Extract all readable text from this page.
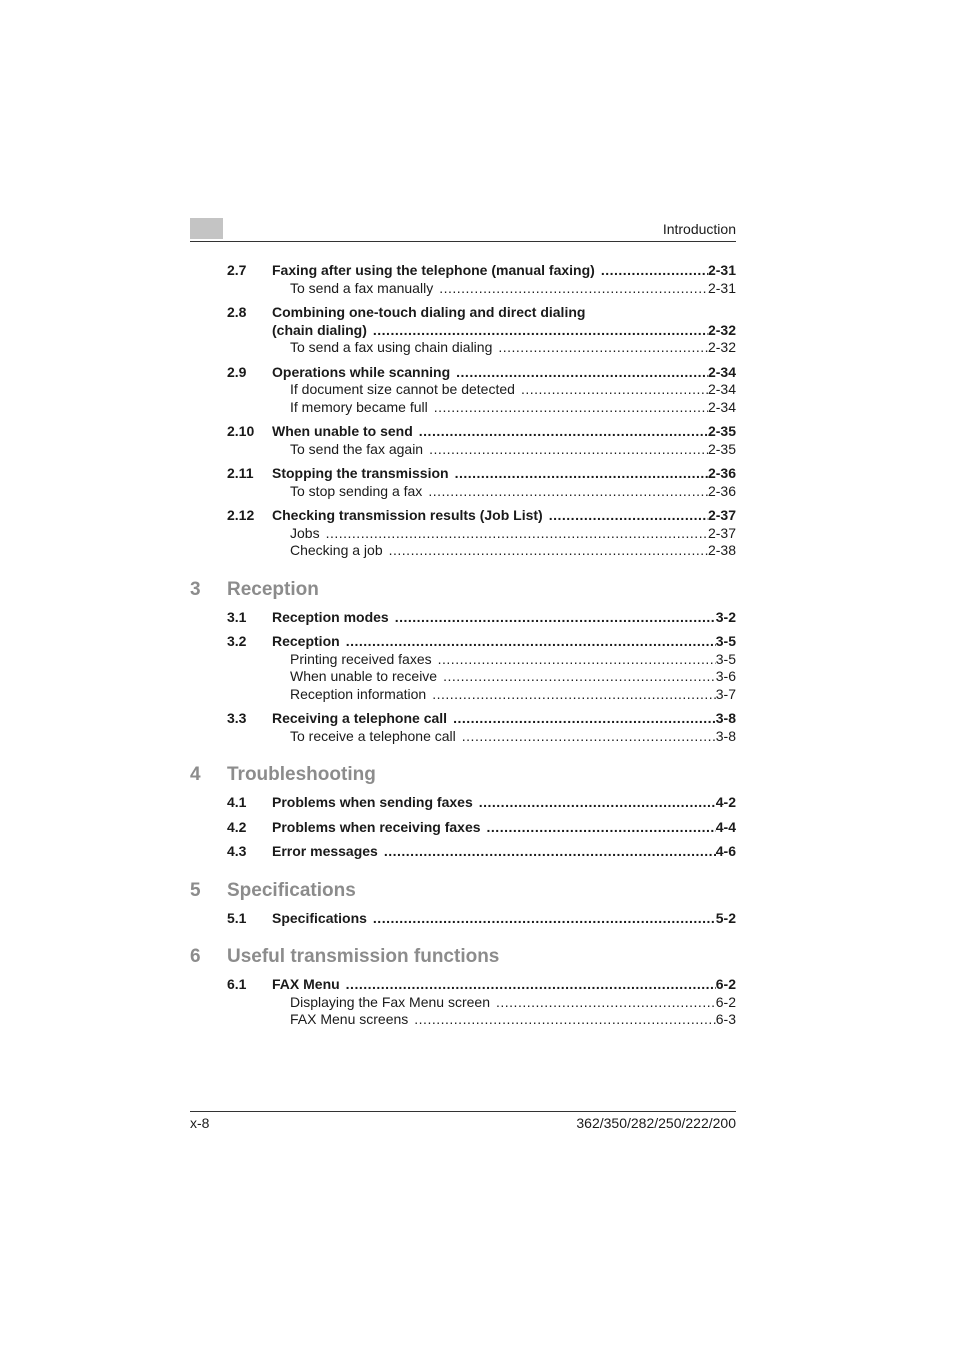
Introduction
2.7 Faxing after using the telephone (manual faxing) .....	2-31
To send a fax manually .....	2-31
2.8 Combining one-touch dialing and direct dialing
(chain dialing) .....	2-32
To send a fax using chain dialing .....	2-32
2.9 Operations while scanning .....	2-34
If document size cannot be detected .....	2-34
If memory became full .....	2-34
2.10 When unable to send .....	2-35
To send the fax again .....	2-35
2.11 Stopping the transmission .....	2-36
To stop sending a fax .....	2-36
2.12 Checking transmission results (Job List) .....	2-37
Jobs .....	2-37
Checking a job .....	2-38
3 Reception
3.1 Reception modes .....	3-2
3.2 Reception .....	3-5
Printing received faxes .....	3-5
When unable to receive .....	3-6
Reception information .....	3-7
3.3 Receiving a telephone call .....	3-8
To receive a telephone call .....	3-8
4 Troubleshooting
4.1 Problems when sending faxes .....	4-2
4.2 Problems when receiving faxes .....	4-4
4.3 Error messages .....	4-6
5 Specifications
5.1 Specifications .....	5-2
6 Useful transmission functions
6.1 FAX Menu .....	6-2
Displaying the Fax Menu screen .....	6-2
FAX Menu screens .....	6-3
x-8	362/350/282/250/222/200
